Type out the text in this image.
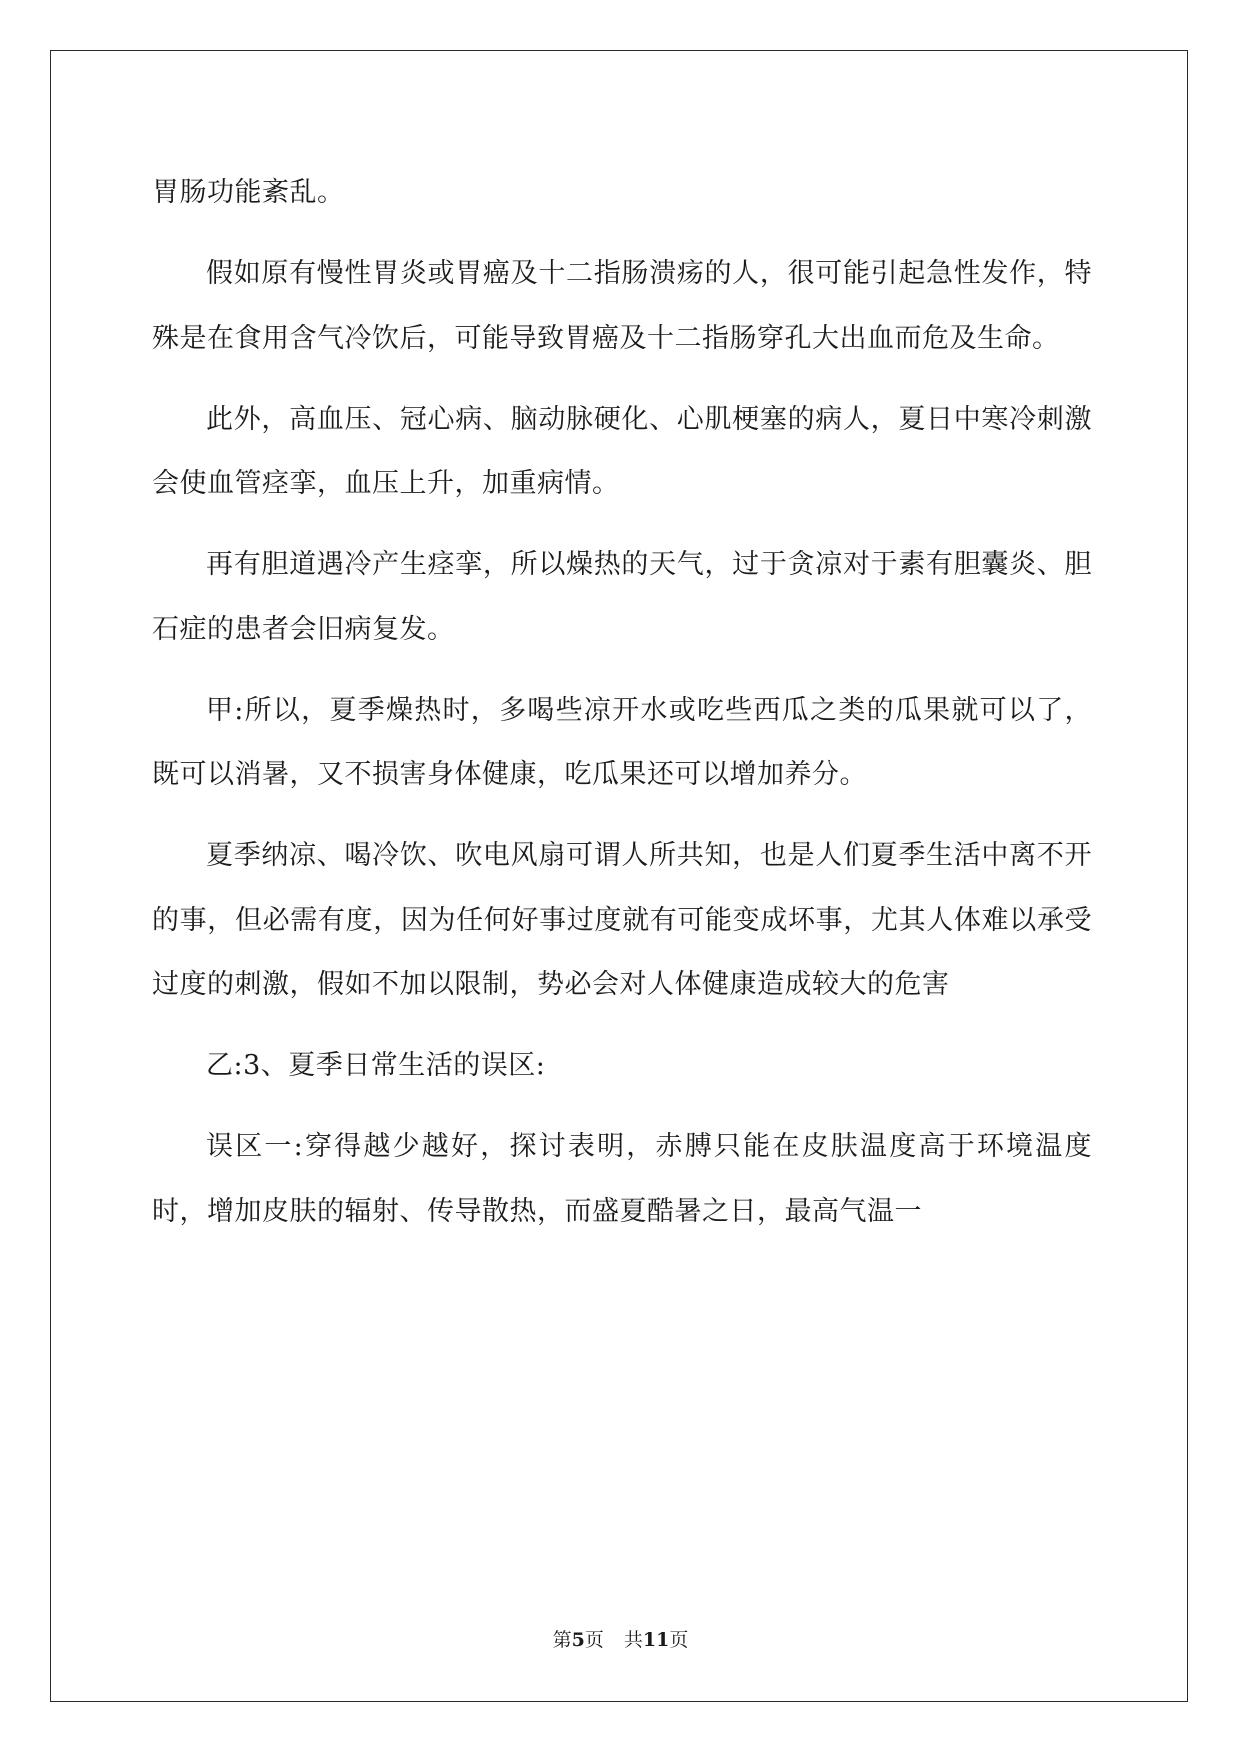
胃肠功能紊乱。

假如原有慢性胃炎或胃癌及十二指肠溃疡的人，很可能引起急性发作，特殊是在食用含气冷饮后，可能导致胃癌及十二指肠穿孔大出血而危及生命。

此外，高血压、冠心病、脑动脉硬化、心肌梗塞的病人，夏日中寒冷刺激会使血管痉挛，血压上升，加重病情。

再有胆道遇冷产生痉挛，所以燥热的天气，过于贪凉对于素有胆囊炎、胆石症的患者会旧病复发。

甲:所以，夏季燥热时，多喝些凉开水或吃些西瓜之类的瓜果就可以了，既可以消暑，又不损害身体健康，吃瓜果还可以增加养分。

夏季纳凉、喝冷饮、吹电风扇可谓人所共知，也是人们夏季生活中离不开的事，但必需有度，因为任何好事过度就有可能变成坏事，尤其人体难以承受过度的刺激，假如不加以限制，势必会对人体健康造成较大的危害

乙:3、夏季日常生活的误区:

误区一:穿得越少越好，探讨表明，赤膊只能在皮肤温度高于环境温度时，增加皮肤的辐射、传导散热，而盛夏酷暑之日，最高气温一

第5页 共11页
